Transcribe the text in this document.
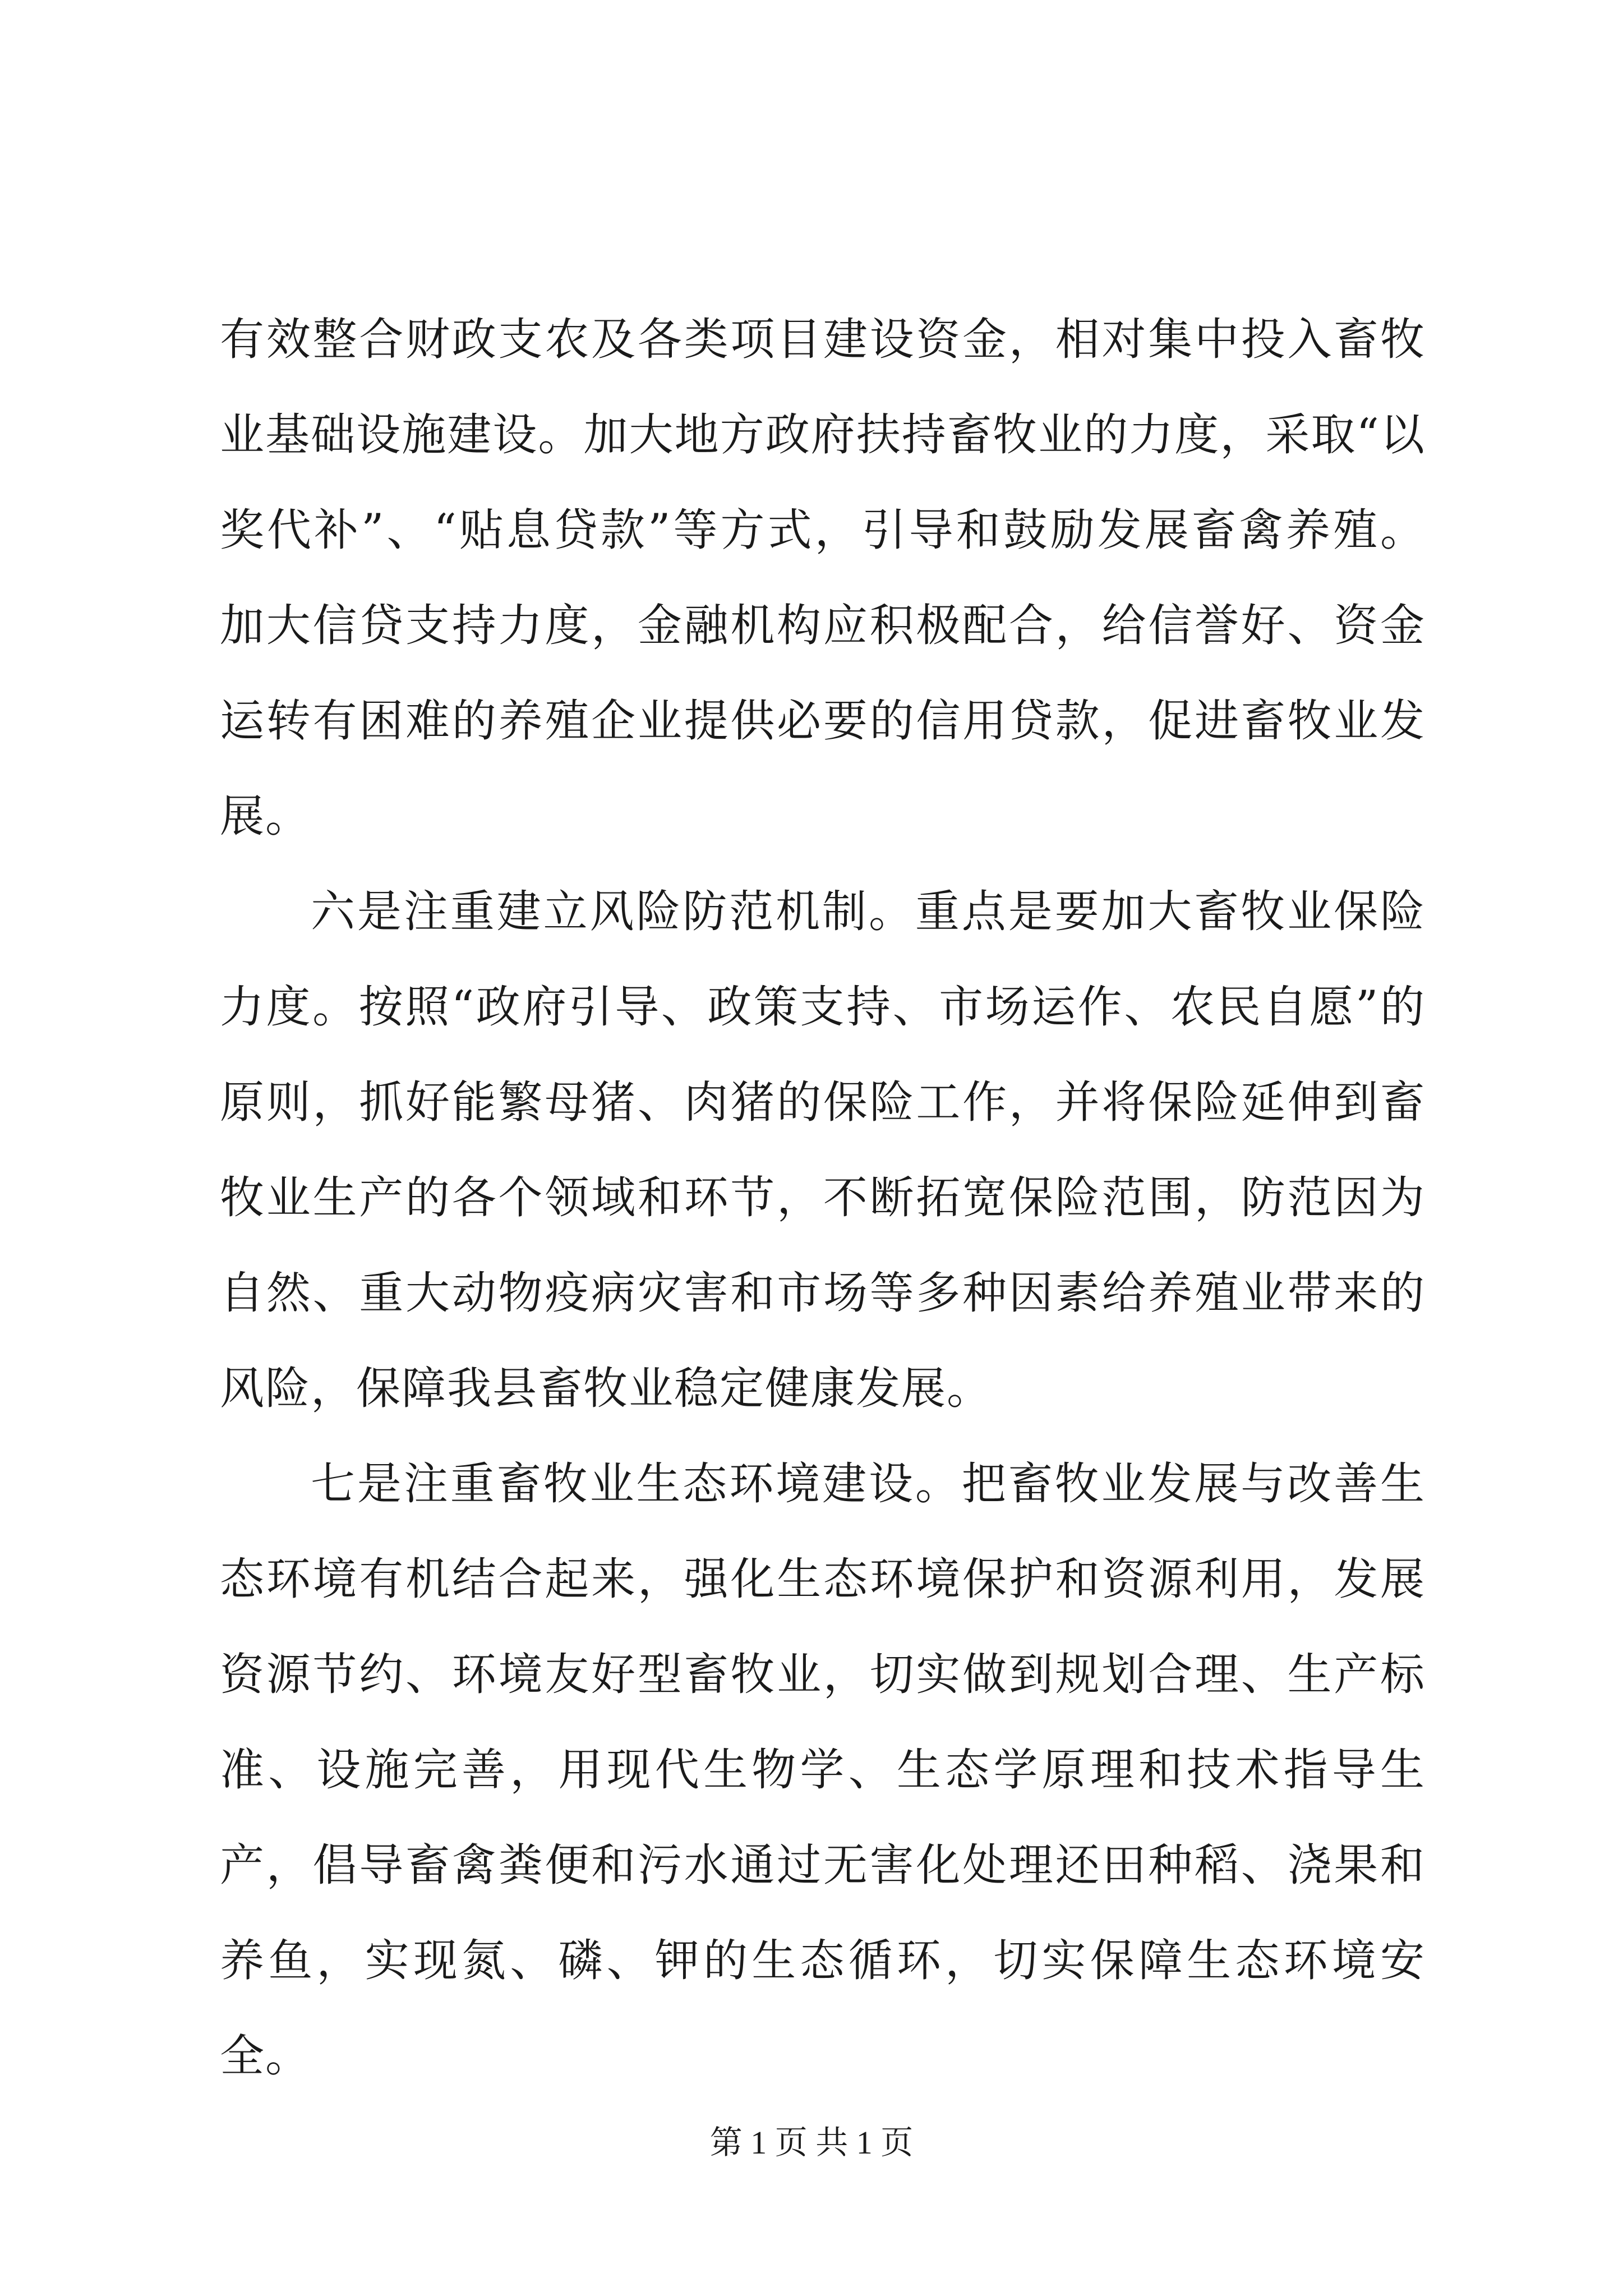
有效整合财政支农及各类项目建设资金，相对集中投入畜牧业基础设施建设。加大地方政府扶持畜牧业的力度，采取“以奖代补”、“贴息贷款”等方式，引导和鼓励发展畜禽养殖。加大信贷支持力度，金融机构应积极配合，给信誉好、资金运转有困难的养殖企业提供必要的信用贷款，促进畜牧业发展。

六是注重建立风险防范机制。重点是要加大畜牧业保险力度。按照“政府引导、政策支持、市场运作、农民自愿”的原则，抓好能繁母猪、肉猪的保险工作，并将保险延伸到畜牧业生产的各个领域和环节，不断拓宽保险范围，防范因为自然、重大动物疫病灾害和市场等多种因素给养殖业带来的风险，保障我县畜牧业稳定健康发展。

七是注重畜牧业生态环境建设。把畜牧业发展与改善生态环境有机结合起来，强化生态环境保护和资源利用，发展资源节约、环境友好型畜牧业，切实做到规划合理、生产标准、设施完善，用现代生物学、生态学原理和技术指导生产，倡导畜禽粪便和污水通过无害化处理还田种稻、浇果和养鱼，实现氮、磷、钾的生态循环，切实保障生态环境安全。

第 1 页 共 1 页
